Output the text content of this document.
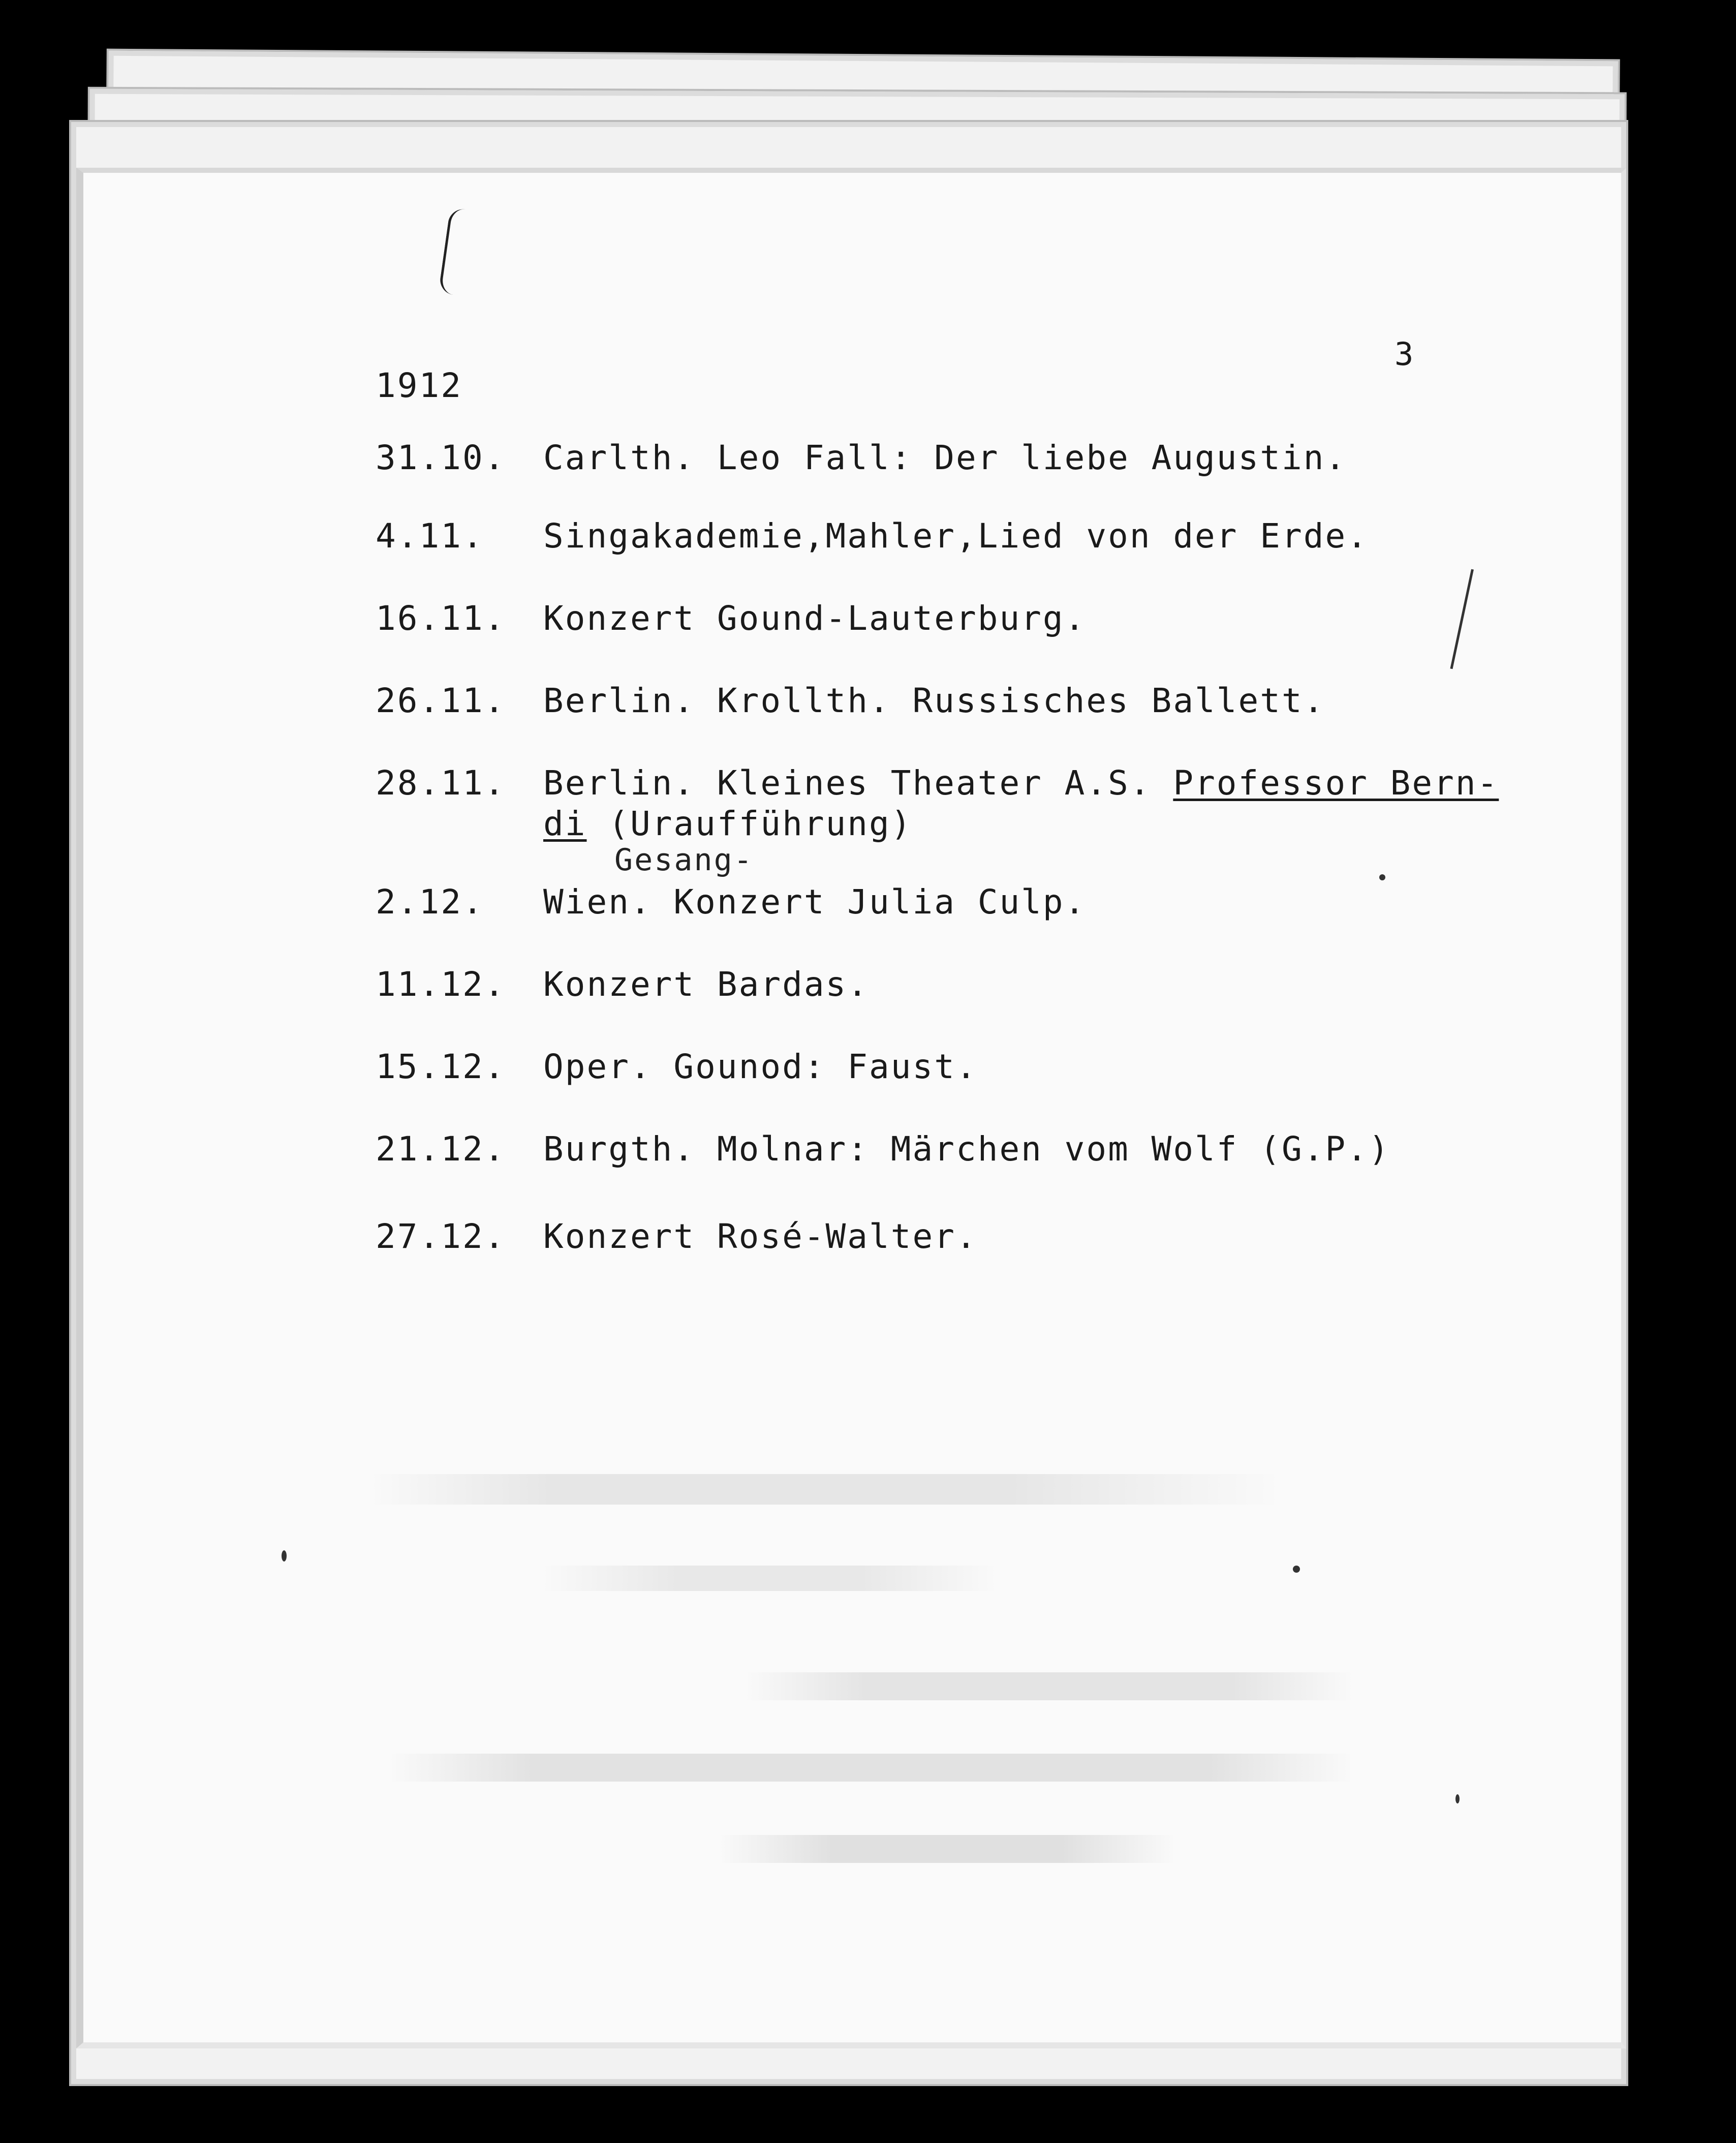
3
1912
31.10.	Carlth. Leo Fall: Der liebe Augustin.
4.11.	Singakademie,Mahler,Lied von der Erde.
16.11.	Konzert Gound-Lauterburg.
26.11.	Berlin. Krollth. Russisches Ballett.
28.11.	Berlin. Kleines Theater A.S. Professor Bern-
di (Uraufführung)
Gesang-
2.12.	Wien. Konzert Julia Culp.
11.12.	Konzert Bardas.
15.12.	Oper. Gounod: Faust.
21.12.	Burgth. Molnar: Märchen vom Wolf (G.P.)
27.12.	Konzert Rosé-Walter.
